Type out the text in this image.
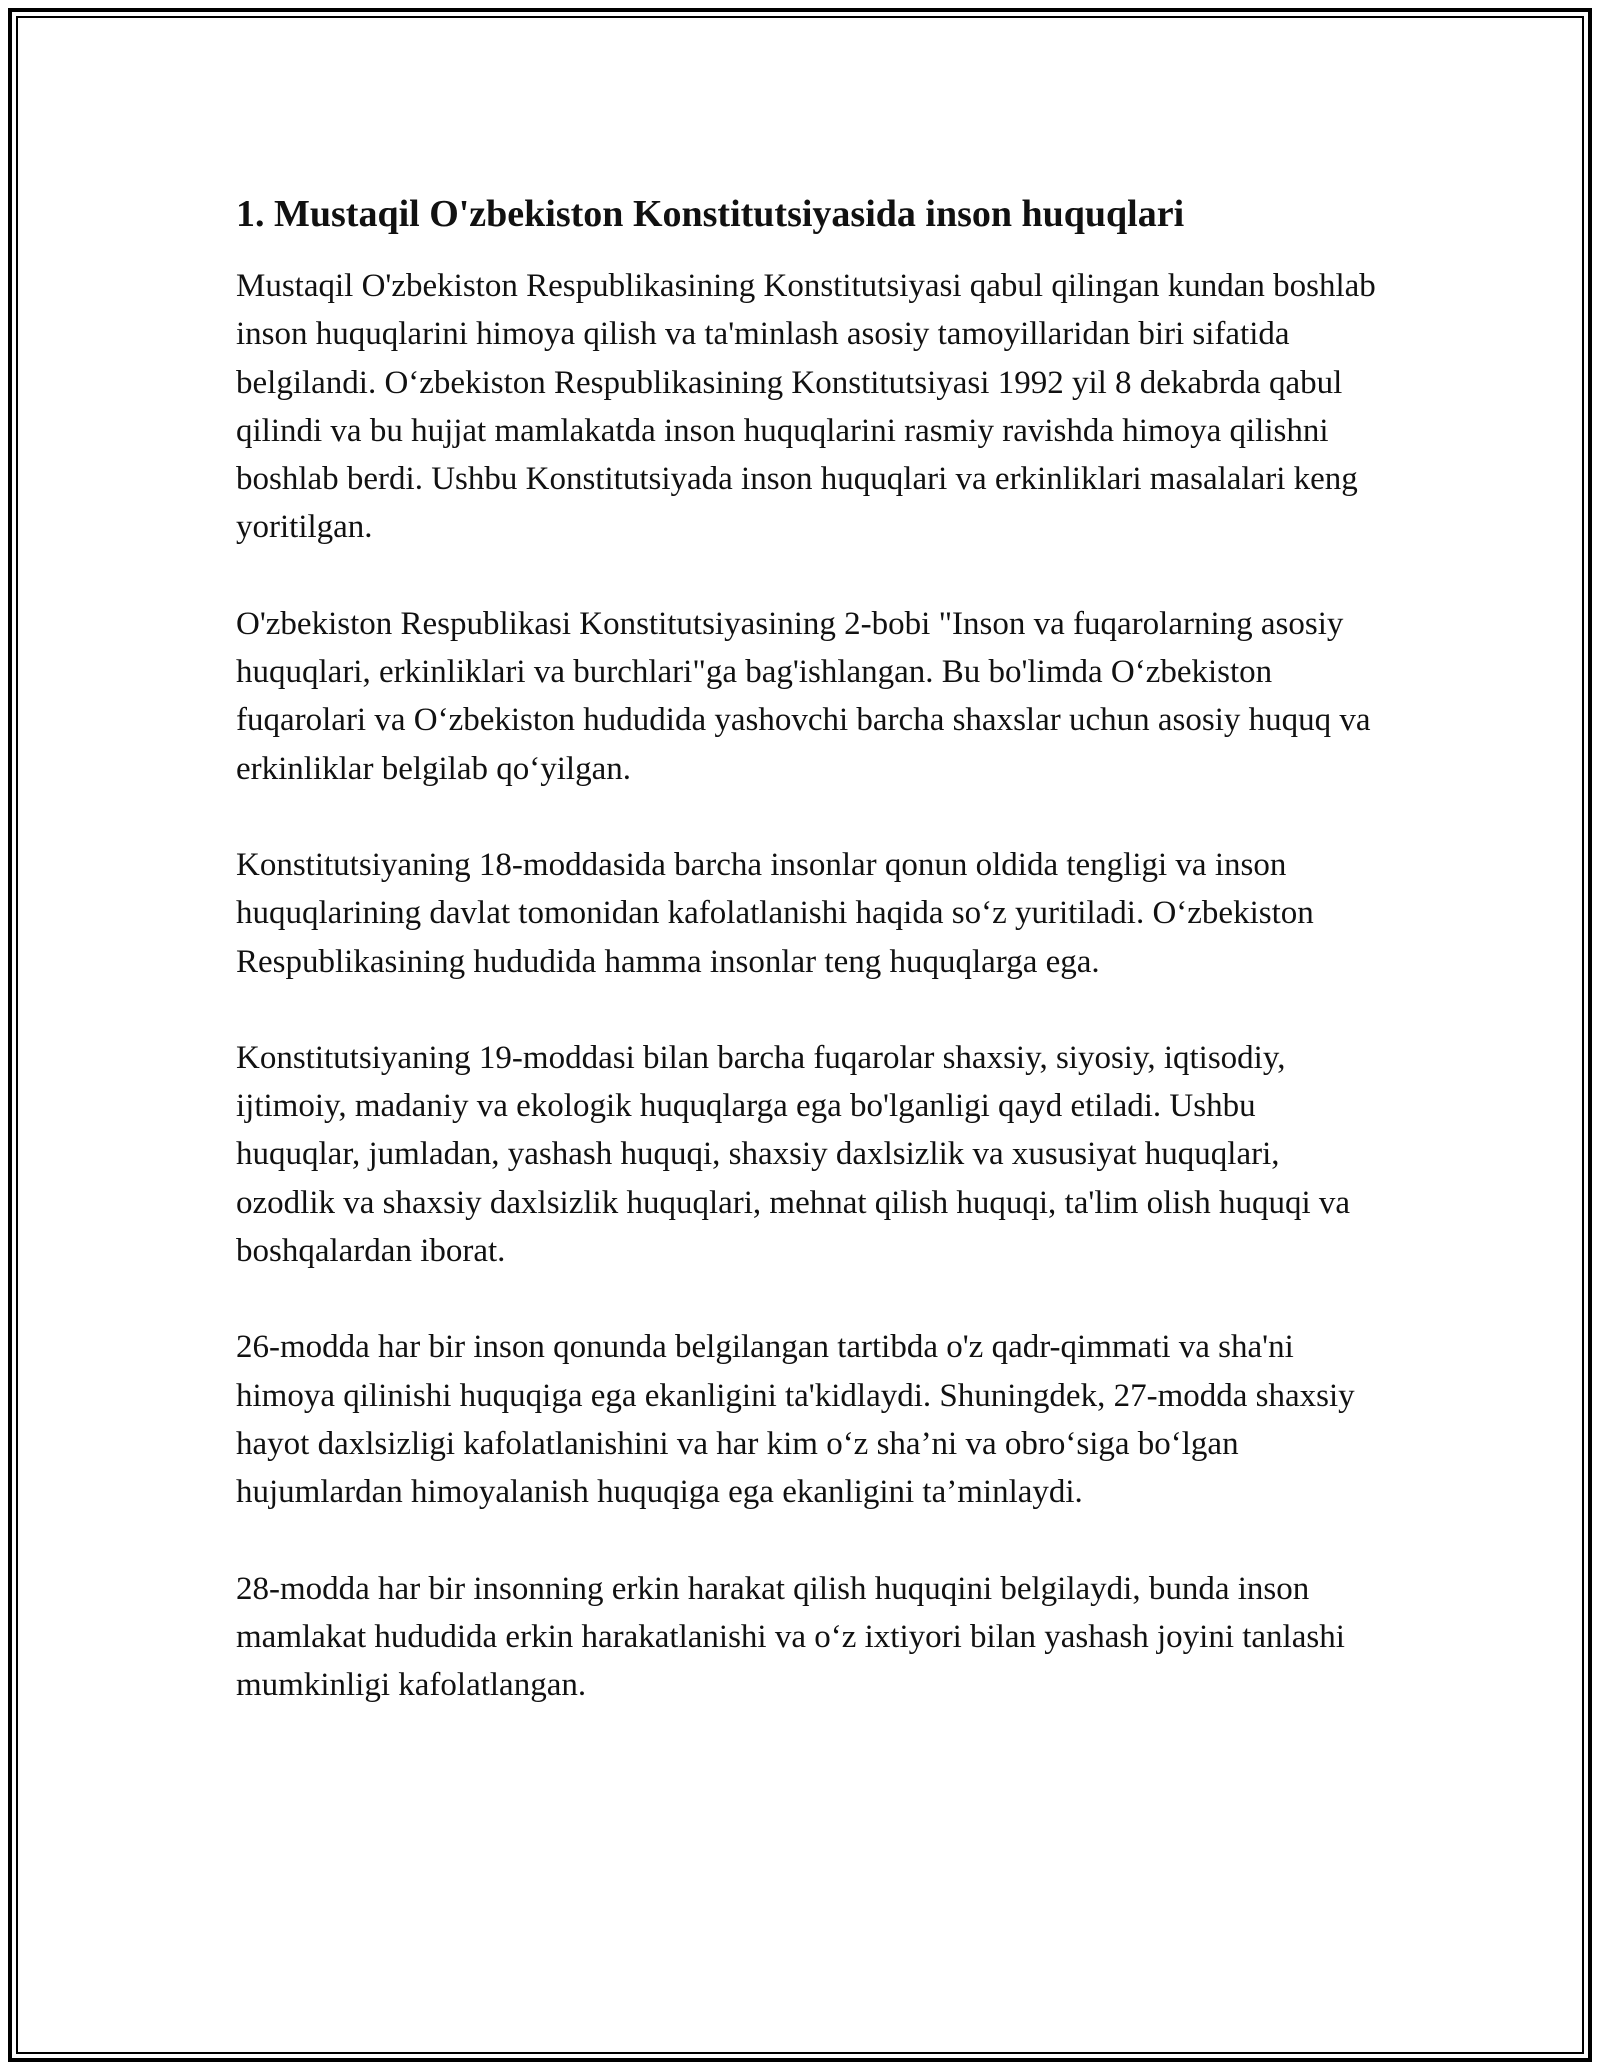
1. Mustaqil O'zbekiston Konstitutsiyasida inson huquqlari

Mustaqil O'zbekiston Respublikasining Konstitutsiyasi qabul qilingan kundan boshlab inson huquqlarini himoya qilish va ta'minlash asosiy tamoyillaridan biri sifatida belgilandi. O‘zbekiston Respublikasining Konstitutsiyasi 1992 yil 8 dekabrda qabul qilindi va bu hujjat mamlakatda inson huquqlarini rasmiy ravishda himoya qilishni boshlab berdi. Ushbu Konstitutsiyada inson huquqlari va erkinliklari masalalari keng yoritilgan.

O'zbekiston Respublikasi Konstitutsiyasining 2-bobi "Inson va fuqarolarning asosiy huquqlari, erkinliklari va burchlari"ga bag'ishlangan. Bu bo'limda O‘zbekiston fuqarolari va O‘zbekiston hududida yashovchi barcha shaxslar uchun asosiy huquq va erkinliklar belgilab qo‘yilgan.

Konstitutsiyaning 18-moddasida barcha insonlar qonun oldida tengligi va inson huquqlarining davlat tomonidan kafolatlanishi haqida so‘z yuritiladi. O‘zbekiston Respublikasining hududida hamma insonlar teng huquqlarga ega.

Konstitutsiyaning 19-moddasi bilan barcha fuqarolar shaxsiy, siyosiy, iqtisodiy, ijtimoiy, madaniy va ekologik huquqlarga ega bo'lganligi qayd etiladi. Ushbu huquqlar, jumladan, yashash huquqi, shaxsiy daxlsizlik va xususiyat huquqlari, ozodlik va shaxsiy daxlsizlik huquqlari, mehnat qilish huquqi, ta'lim olish huquqi va boshqalardan iborat.

26-modda har bir inson qonunda belgilangan tartibda o'z qadr-qimmati va sha'ni himoya qilinishi huquqiga ega ekanligini ta'kidlaydi. Shuningdek, 27-modda shaxsiy hayot daxlsizligi kafolatlanishini va har kim o‘z sha’ni va obro‘siga bo‘lgan hujumlardan himoyalanish huquqiga ega ekanligini ta’minlaydi.

28-modda har bir insonning erkin harakat qilish huquqini belgilaydi, bunda inson mamlakat hududida erkin harakatlanishi va o‘z ixtiyori bilan yashash joyini tanlashi mumkinligi kafolatlangan.
